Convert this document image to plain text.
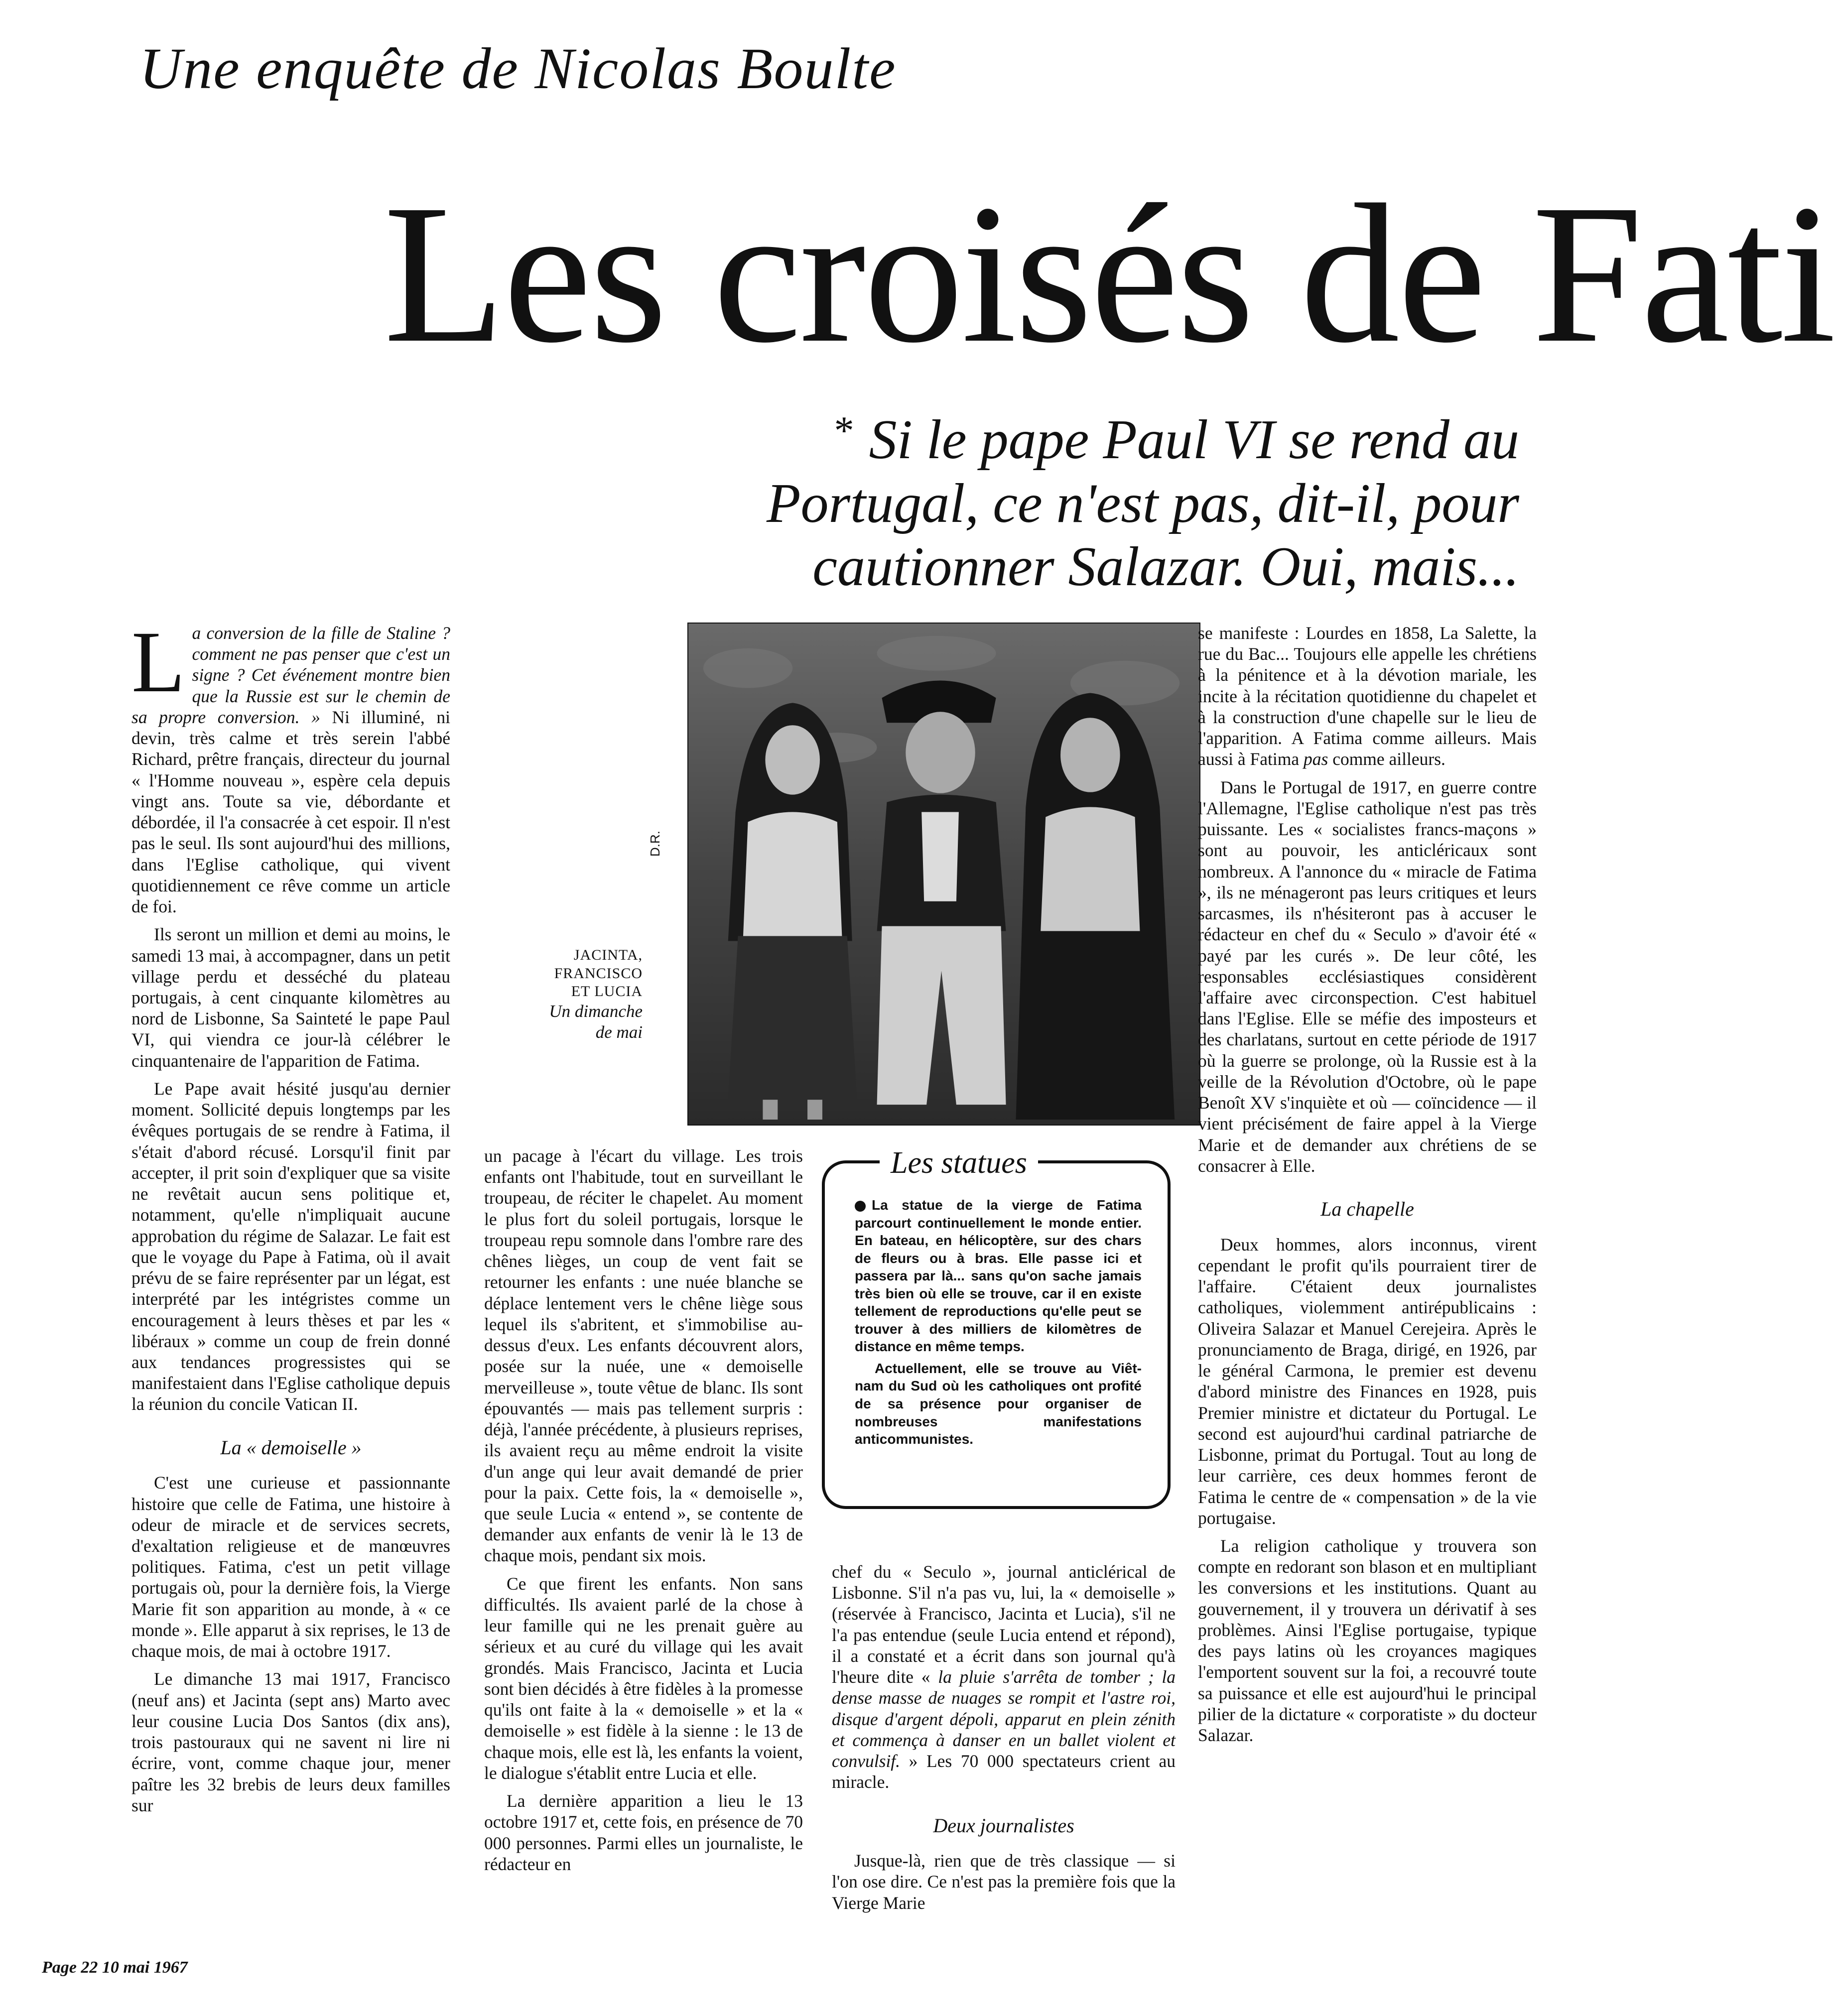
Une enquête de Nicolas Boulte
Les croisés de Fati
* Si le pape Paul VI se rend au Portugal, ce n'est pas, dit-il, pour cautionner Salazar. Oui, mais...

La conversion de la fille de Staline ? comment ne pas penser que c'est un signe ? Cet événement montre bien que la Russie est sur le chemin de sa propre conversion. » Ni illuminé, ni devin, très calme et très serein l'abbé Richard, prêtre français, directeur du journal « l'Homme nouveau », espère cela depuis vingt ans. Toute sa vie, débordante et débordée, il l'a consacrée à cet espoir. Il n'est pas le seul. Ils sont aujourd'hui des millions, dans l'Eglise catholique, qui vivent quotidiennement ce rêve comme un article de foi.

Ils seront un million et demi au moins, le samedi 13 mai, à accompagner, dans un petit village perdu et desséché du plateau portugais, à cent cinquante kilomètres au nord de Lisbonne, Sa Sainteté le pape Paul VI, qui viendra ce jour-là célébrer le cinquantenaire de l'apparition de Fatima.

Le Pape avait hésité jusqu'au dernier moment. Sollicité depuis longtemps par les évêques portugais de se rendre à Fatima, il s'était d'abord récusé. Lorsqu'il finit par accepter, il prit soin d'expliquer que sa visite ne revêtait aucun sens politique et, notamment, qu'elle n'impliquait aucune approbation du régime de Salazar. Le fait est que le voyage du Pape à Fatima, où il avait prévu de se faire représenter par un légat, est interprété par les intégristes comme un encouragement à leurs thèses et par les « libéraux » comme un coup de frein donné aux tendances progressistes qui se manifestaient dans l'Eglise catholique depuis la réunion du concile Vatican II.

La « demoiselle »

C'est une curieuse et passionnante histoire que celle de Fatima, une histoire à odeur de miracle et de services secrets, d'exaltation religieuse et de manœuvres politiques. Fatima, c'est un petit village portugais où, pour la dernière fois, la Vierge Marie fit son apparition au monde, à « ce monde ». Elle apparut à six reprises, le 13 de chaque mois, de mai à octobre 1917.

Le dimanche 13 mai 1917, Francisco (neuf ans) et Jacinta (sept ans) Marto avec leur cousine Lucia Dos Santos (dix ans), trois pastouraux qui ne savent ni lire ni écrire, vont, comme chaque jour, mener paître les 32 brebis de leurs deux familles sur

D.R.
JACINTA,
FRANCISCO
ET LUCIA
Un dimanche
de mai

un pacage à l'écart du village. Les trois enfants ont l'habitude, tout en surveillant le troupeau, de réciter le chapelet. Au moment le plus fort du soleil portugais, lorsque le troupeau repu somnole dans l'ombre rare des chênes lièges, un coup de vent fait se retourner les enfants : une nuée blanche se déplace lentement vers le chêne liège sous lequel ils s'abritent, et s'immobilise au-dessus d'eux. Les enfants découvrent alors, posée sur la nuée, une « demoiselle merveilleuse », toute vêtue de blanc. Ils sont épouvantés — mais pas tellement surpris : déjà, l'année précédente, à plusieurs reprises, ils avaient reçu au même endroit la visite d'un ange qui leur avait demandé de prier pour la paix. Cette fois, la « demoiselle », que seule Lucia « entend », se contente de demander aux enfants de venir là le 13 de chaque mois, pendant six mois.

Ce que firent les enfants. Non sans difficultés. Ils avaient parlé de la chose à leur famille qui ne les prenait guère au sérieux et au curé du village qui les avait grondés. Mais Francisco, Jacinta et Lucia sont bien décidés à être fidèles à la promesse qu'ils ont faite à la « demoiselle » et la « demoiselle » est fidèle à la sienne : le 13 de chaque mois, elle est là, les enfants la voient, le dialogue s'établit entre Lucia et elle.

La dernière apparition a lieu le 13 octobre 1917 et, cette fois, en présence de 70 000 personnes. Parmi elles un journaliste, le rédacteur en

Les statues

La statue de la vierge de Fatima parcourt continuellement le monde entier. En bateau, en hélicoptère, sur des chars de fleurs ou à bras. Elle passe ici et passera par là... sans qu'on sache jamais très bien où elle se trouve, car il en existe tellement de reproductions qu'elle peut se trouver à des milliers de kilomètres de distance en même temps.

Actuellement, elle se trouve au Viêt-nam du Sud où les catholiques ont profité de sa présence pour organiser de nombreuses manifestations anticommunistes.

chef du « Seculo », journal anticlérical de Lisbonne. S'il n'a pas vu, lui, la « demoiselle » (réservée à Francisco, Jacinta et Lucia), s'il ne l'a pas entendue (seule Lucia entend et répond), il a constaté et a écrit dans son journal qu'à l'heure dite « la pluie s'arrêta de tomber ; la dense masse de nuages se rompit et l'astre roi, disque d'argent dépoli, apparut en plein zénith et commença à danser en un ballet violent et convulsif. » Les 70 000 spectateurs crient au miracle.

Deux journalistes

Jusque-là, rien que de très classique — si l'on ose dire. Ce n'est pas la première fois que la Vierge Marie

se manifeste : Lourdes en 1858, La Salette, la rue du Bac... Toujours elle appelle les chrétiens à la pénitence et à la dévotion mariale, les incite à la récitation quotidienne du chapelet et à la construction d'une chapelle sur le lieu de l'apparition. A Fatima comme ailleurs. Mais aussi à Fatima pas comme ailleurs.

Dans le Portugal de 1917, en guerre contre l'Allemagne, l'Eglise catholique n'est pas très puissante. Les « socialistes francs-maçons » sont au pouvoir, les anticléricaux sont nombreux. A l'annonce du « miracle de Fatima », ils ne ménageront pas leurs critiques et leurs sarcasmes, ils n'hésiteront pas à accuser le rédacteur en chef du « Seculo » d'avoir été « payé par les curés ». De leur côté, les responsables ecclésiastiques considèrent l'affaire avec circonspection. C'est habituel dans l'Eglise. Elle se méfie des imposteurs et des charlatans, surtout en cette période de 1917 où la guerre se prolonge, où la Russie est à la veille de la Révolution d'Octobre, où le pape Benoît XV s'inquiète et où — coïncidence — il vient précisément de faire appel à la Vierge Marie et de demander aux chrétiens de se consacrer à Elle.

La chapelle

Deux hommes, alors inconnus, virent cependant le profit qu'ils pourraient tirer de l'affaire. C'étaient deux journalistes catholiques, violemment antirépublicains : Oliveira Salazar et Manuel Cerejeira. Après le pronunciamento de Braga, dirigé, en 1926, par le général Carmona, le premier est devenu d'abord ministre des Finances en 1928, puis Premier ministre et dictateur du Portugal. Le second est aujourd'hui cardinal patriarche de Lisbonne, primat du Portugal. Tout au long de leur carrière, ces deux hommes feront de Fatima le centre de « compensation » de la vie portugaise.

La religion catholique y trouvera son compte en redorant son blason et en multipliant les conversions et les institutions. Quant au gouvernement, il y trouvera un dérivatif à ses problèmes. Ainsi l'Eglise portugaise, typique des pays latins où les croyances magiques l'emportent souvent sur la foi, a recouvré toute sa puissance et elle est aujourd'hui le principal pilier de la dictature « corporatiste » du docteur Salazar.

Page 22 10 mai 1967
